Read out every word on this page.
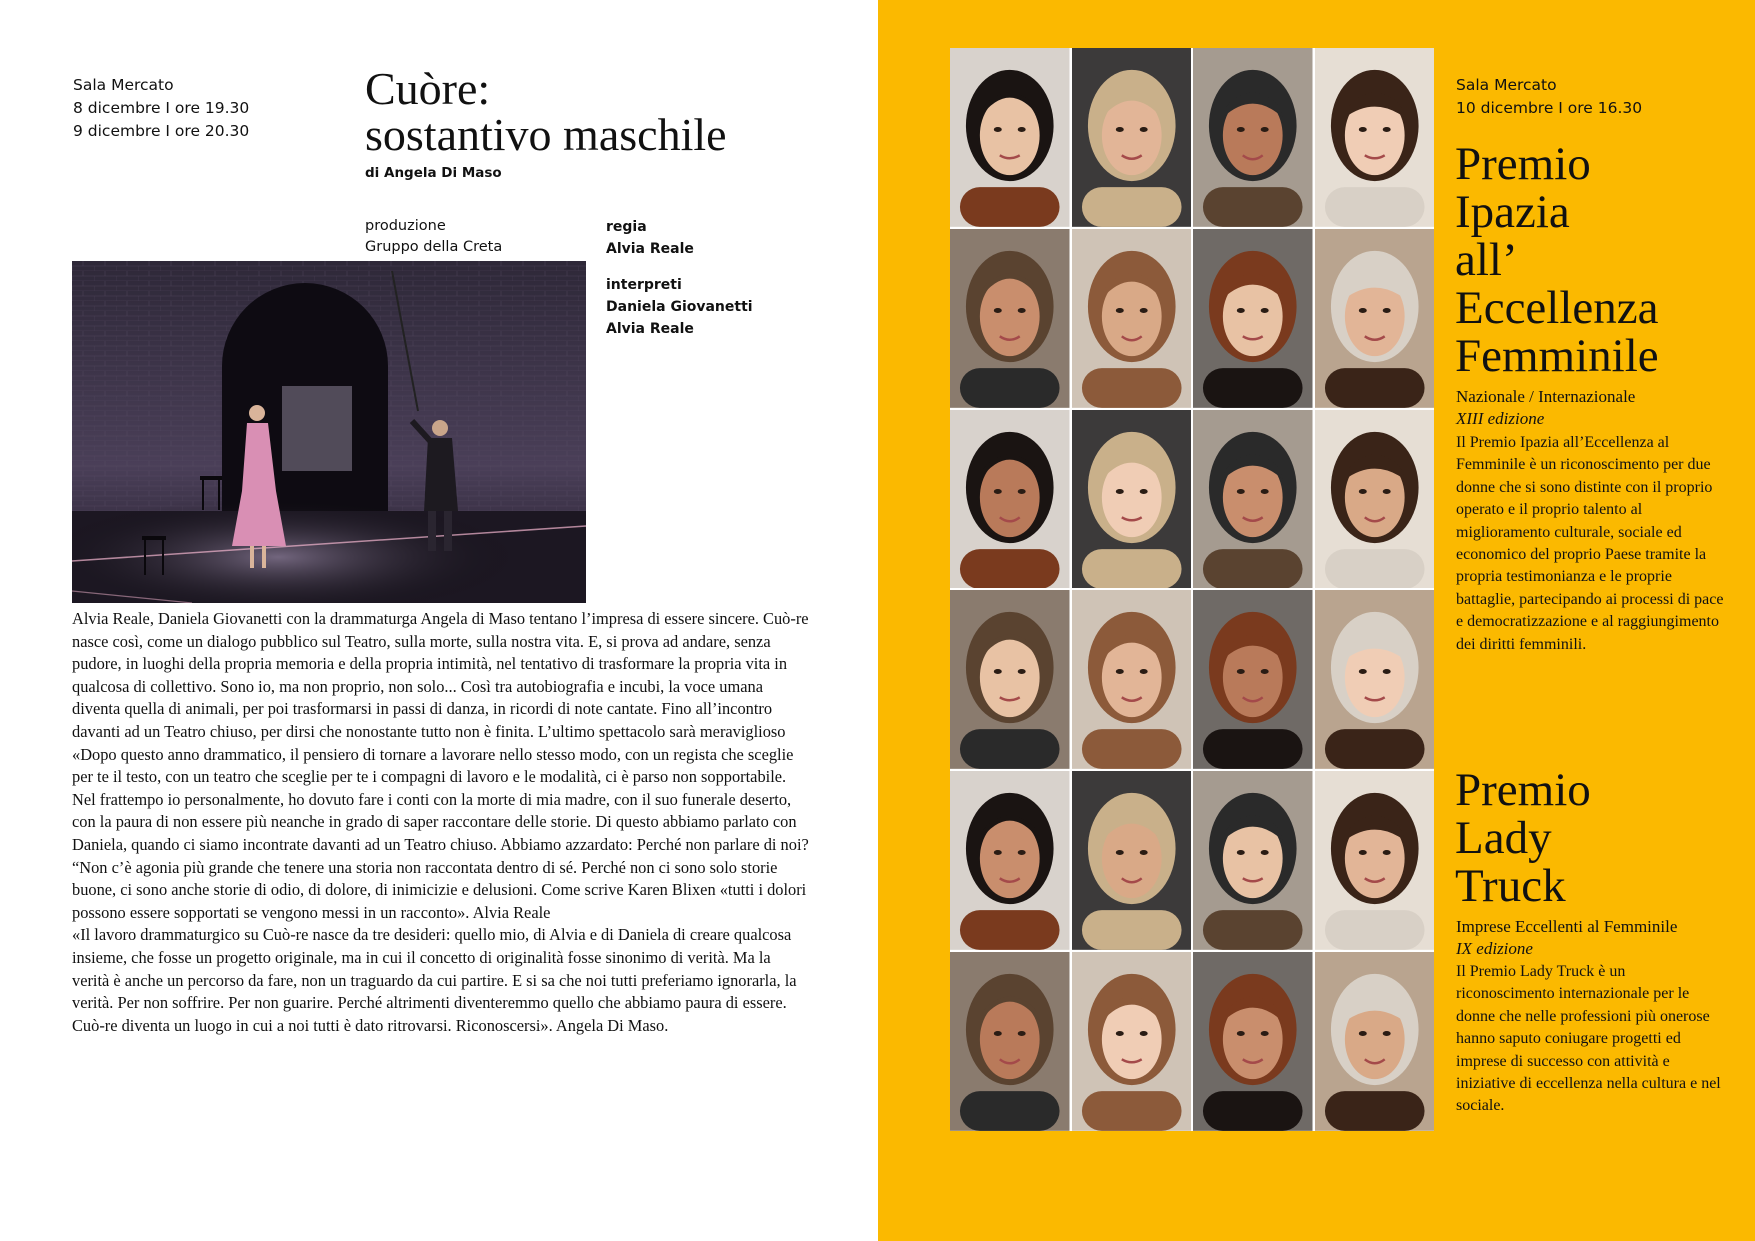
Sala Mercato
8 dicembre I ore 19.30
9 dicembre I ore 20.30
Cuòre:
sostantivo maschile
di Angela Di Maso
produzione
Gruppo della Creta
regia
Alvia Reale
interpreti
Daniela Giovanetti
Alvia Reale

Alvia Reale, Daniela Giovanetti con la drammaturga Angela di Maso tentano l’impresa di essere sincere. Cuò-re nasce così, come un dialogo pubblico sul Teatro, sulla morte, sulla nostra vita. E, si prova ad andare, senza pudore, in luoghi della propria memoria e della propria intimità, nel tentativo di trasformare la propria vita in qualcosa di collettivo. Sono io, ma non proprio, non solo... Così tra autobiografia e incubi, la voce umana diventa quella di animali, per poi trasformarsi in passi di danza, in ricordi di note cantate. Fino all’incontro davanti ad un Teatro chiuso, per dirsi che nonostante tutto non è finita. L’ultimo spettacolo sarà meraviglioso

«Dopo questo anno drammatico, il pensiero di tornare a lavorare nello stesso modo, con un regista che sceglie per te il testo, con un teatro che sceglie per te i compagni di lavoro e le modalità, ci è parso non sopportabile. Nel frattempo io personalmente, ho dovuto fare i conti con la morte di mia madre, con il suo funerale deserto, con la paura di non essere più neanche in grado di saper raccontare delle storie. Di questo abbiamo parlato con Daniela, quando ci siamo incontrate davanti ad un Teatro chiuso. Abbiamo azzardato: Perché non parlare di noi? “Non c’è agonia più grande che tenere una storia non raccontata dentro di sé. Perché non ci sono solo storie buone, ci sono anche storie di odio, di dolore, di inimicizie e delusioni. Come scrive Karen Blixen «tutti i dolori possono essere sopportati se vengono messi in un racconto». Alvia Reale

«Il lavoro drammaturgico su Cuò-re nasce da tre desideri: quello mio, di Alvia e di Daniela di creare qualcosa insieme, che fosse un progetto originale, ma in cui il concetto di originalità fosse sinonimo di verità. Ma la verità è anche un percorso da fare, non un traguardo da cui partire. E si sa che noi tutti preferiamo ignorarla, la verità. Per non soffrire. Per non guarire. Perché altrimenti diventeremmo quello che abbiamo paura di essere. Cuò-re diventa un luogo in cui a noi tutti è dato ritrovarsi. Riconoscersi». Angela Di Maso.

Sala Mercato
10 dicembre I ore 16.30
Premio
Ipazia
all’
Eccellenza
Femminile
Nazionale / Internazionale
XIII edizione
Il Premio Ipazia all’Eccellenza al Femminile è un riconoscimento per due donne che si sono distinte con il proprio operato e il proprio talento al miglioramento culturale, sociale ed economico del proprio Paese tramite la propria testimonianza e le proprie battaglie, partecipando ai processi di pace e democratizzazione e al raggiungimento dei diritti femminili.
Premio
Lady
Truck
Imprese Eccellenti al Femminile
IX edizione
Il Premio Lady Truck è un riconoscimento internazionale per le donne che nelle professioni più onerose hanno saputo coniugare progetti ed imprese di successo con attività e iniziative di eccellenza nella cultura e nel sociale.
